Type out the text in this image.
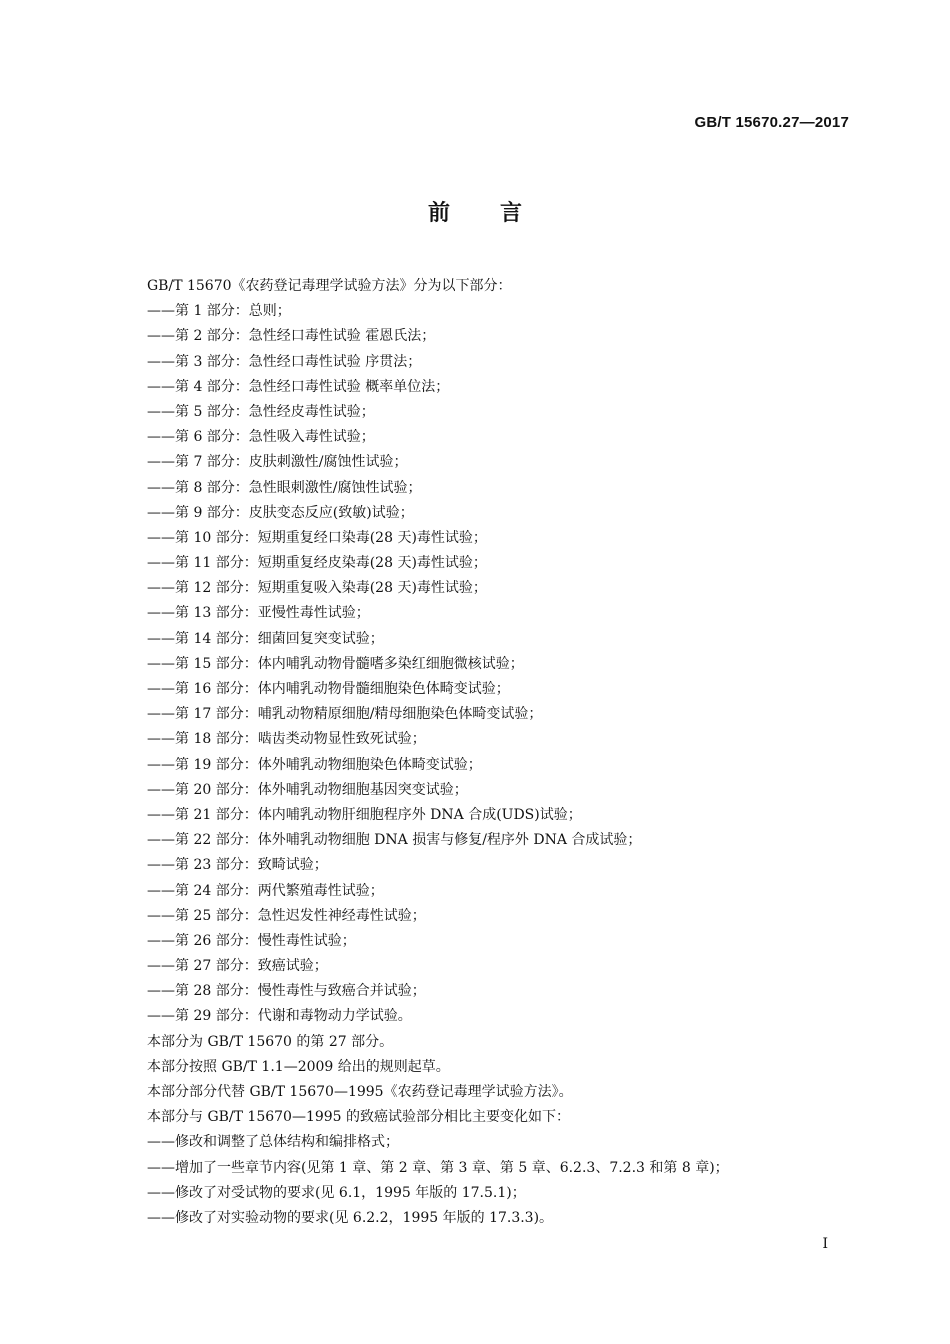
GB/T 15670.27—2017
前言
GB/T 15670《农药登记毒理学试验方法》分为以下部分：
——第 1 部分：总则；
——第 2 部分：急性经口毒性试验 霍恩氏法；
——第 3 部分：急性经口毒性试验 序贯法；
——第 4 部分：急性经口毒性试验 概率单位法；
——第 5 部分：急性经皮毒性试验；
——第 6 部分：急性吸入毒性试验；
——第 7 部分：皮肤刺激性/腐蚀性试验；
——第 8 部分：急性眼刺激性/腐蚀性试验；
——第 9 部分：皮肤变态反应(致敏)试验；
——第 10 部分：短期重复经口染毒(28 天)毒性试验；
——第 11 部分：短期重复经皮染毒(28 天)毒性试验；
——第 12 部分：短期重复吸入染毒(28 天)毒性试验；
——第 13 部分：亚慢性毒性试验；
——第 14 部分：细菌回复突变试验；
——第 15 部分：体内哺乳动物骨髓嗜多染红细胞微核试验；
——第 16 部分：体内哺乳动物骨髓细胞染色体畸变试验；
——第 17 部分：哺乳动物精原细胞/精母细胞染色体畸变试验；
——第 18 部分：啮齿类动物显性致死试验；
——第 19 部分：体外哺乳动物细胞染色体畸变试验；
——第 20 部分：体外哺乳动物细胞基因突变试验；
——第 21 部分：体内哺乳动物肝细胞程序外 DNA 合成(UDS)试验；
——第 22 部分：体外哺乳动物细胞 DNA 损害与修复/程序外 DNA 合成试验；
——第 23 部分：致畸试验；
——第 24 部分：两代繁殖毒性试验；
——第 25 部分：急性迟发性神经毒性试验；
——第 26 部分：慢性毒性试验；
——第 27 部分：致癌试验；
——第 28 部分：慢性毒性与致癌合并试验；
——第 29 部分：代谢和毒物动力学试验。
本部分为 GB/T 15670 的第 27 部分。
本部分按照 GB/T 1.1—2009 给出的规则起草。
本部分部分代替 GB/T 15670—1995《农药登记毒理学试验方法》。
本部分与 GB/T 15670—1995 的致癌试验部分相比主要变化如下：
——修改和调整了总体结构和编排格式；
——增加了一些章节内容(见第 1 章、第 2 章、第 3 章、第 5 章、6.2.3、7.2.3 和第 8 章)；
——修改了对受试物的要求(见 6.1，1995 年版的 17.5.1)；
——修改了对实验动物的要求(见 6.2.2，1995 年版的 17.3.3)。
I
